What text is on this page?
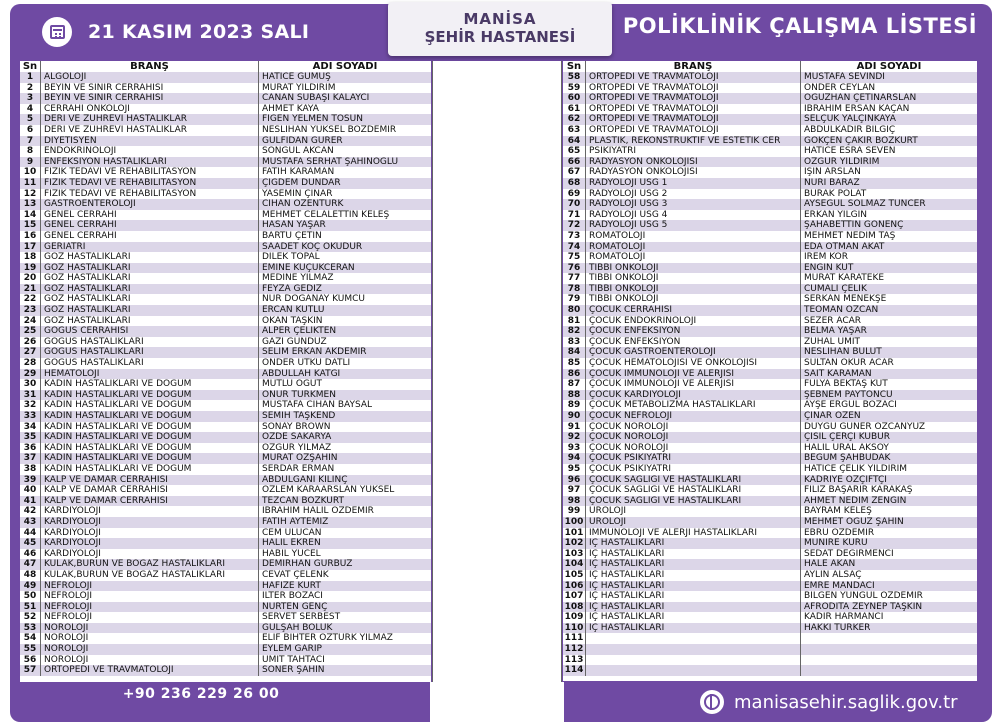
21 KASIM 2023 SALI
MANİSA
ŞEHİR HASTANESİ	POLİKLİNİK ÇALIŞMA LİSTESİ
Sn	BRANŞ	ADI SOYADI
1	ALGOLOJİ	HATİCE GÜMÜŞ
2	BEYİN VE SİNİR CERRAHİSİ	MURAT YILDIRIM
3	BEYİN VE SİNİR CERRAHİSİ	CANAN SUBAŞI KALAYCI
4	CERRAHİ ONKOLOJİ	AHMET KAYA
5	DERİ VE ZÜHREVİ HASTALIKLAR	FİGEN YELMEN TOSUN
6	DERİ VE ZÜHREVİ HASTALIKLAR	NESLİHAN YÜKSEL BOZDEMİR
7	DİYETİSYEN	GÜLFİDAN GÜRER
8	ENDOKRİNOLOJİ	SONGÜL AKCAN
9	ENFEKSİYON HASTALIKLARI	MUSTAFA SERHAT ŞAHİNOĞLU
10 FİZİK TEDAVİ VE REHABİLİTASYON	FATİH KARAMAN
11 FİZİK TEDAVİ VE REHABİLİTASYON	ÇİĞDEM DÜNDAR
12 FİZİK TEDAVİ VE REHABİLİTASYON	YASEMİN ÇINAR
13 GASTROENTEROLOJİ	CİHAN ÖZENTÜRK
14 GENEL CERRAHİ	MEHMET CELALETTİN KELEŞ
15 GENEL CERRAHİ	HASAN YAŞAR
16 GENEL CERRAHİ	BARTU ÇETİN
17 GERİATRİ	SAADET KOÇ OKUDUR
18 GÖZ HASTALIKLARI	DİLEK TOPAL
19 GÖZ HASTALIKLARI	EMİNE KÜÇÜKCERAN
20 GÖZ HASTALIKLARI	MEDİNE YILMAZ
21 GÖZ HASTALIKLARI	FEYZA GEDİZ
22 GÖZ HASTALIKLARI	NUR DOĞANAY KUMCU
23 GÖZ HASTALIKLARI	ERCAN KUTLU
24 GÖZ HASTALIKLARI	OKAN TAŞKIN
25 GÖĞÜS CERRAHİSİ	ALPER ÇELİKTEN
26 GÖĞÜS HASTALIKLARI	GAZİ GÜNDÜZ
27 GÖĞÜS HASTALIKLARI	SELİM ERKAN AKDEMİR
28 GÖĞÜS HASTALIKLARI	ÖNDER UTKU DATLI
29 HEMATOLOJİ	ABDULLAH KATGI
30 KADIN HASTALIKLARI VE DOĞUM	MUTLU ÖĞÜT
31 KADIN HASTALIKLARI VE DOĞUM	ONUR TÜRKMEN
32 KADIN HASTALIKLARI VE DOĞUM	MUSTAFA CİHAN BAYSAL
33 KADIN HASTALIKLARI VE DOĞUM	SEMİH TAŞKEND
34 KADIN HASTALIKLARI VE DOĞUM	SONAY BROWN
35 KADIN HASTALIKLARI VE DOĞUM	ÖZDE SAKARYA
36 KADIN HASTALIKLARI VE DOĞUM	ÖZGÜR YILMAZ
37 KADIN HASTALIKLARI VE DOĞUM	MURAT ÖZŞAHİN
38 KADIN HASTALIKLARI VE DOĞUM	SERDAR ERMAN
39 KALP VE DAMAR CERRAHİSİ	ABDULGANİ KILINÇ
40 KALP VE DAMAR CERRAHİSİ	ÖZLEM KARAARSLAN YÜKSEL
41 KALP VE DAMAR CERRAHİSİ	TEZCAN BOZKURT
42 KARDİYOLOJİ	İBRAHİM HALİL ÖZDEMİR
43 KARDİYOLOJİ	FATİH AYTEMİZ
44 KARDİYOLOJİ	CEM ULUCAN
45 KARDİYOLOJİ	HALİL EKREN
46 KARDİYOLOJİ	HABİL YÜCEL
47 KULAK,BURUN VE BOĞAZ HASTALIKLARI	DEMİRHAN GÜRBÜZ
48 KULAK,BURUN VE BOĞAZ HASTALIKLARI	CEVAT ÇELENK
49 NEFROLOJİ	HAFİZE KURT
50 NEFROLOJİ	İLTER BOZACI
51 NEFROLOJİ	NURTEN GENÇ
52 NEFROLOJİ	SERVET SERBEST
53 NÖROLOJİ	GÜLŞAH BÖLÜK
54 NÖROLOJİ	ELİF BİHTER ÖZTÜRK YILMAZ
55 NÖROLOJİ	EYLEM GARİP
56 NÖROLOJİ	ÜMİT TAHTACI
57 ORTOPEDİ VE TRAVMATOLOJİ	SONER ŞAHİN
Sn	BRANŞ	ADI SOYADI
58 ORTOPEDİ VE TRAVMATOLOJİ	MUSTAFA SEVİNDİ
59 ORTOPEDİ VE TRAVMATOLOJİ	ÖNDER CEYLAN
60 ORTOPEDİ VE TRAVMATOLOJİ	OĞUZHAN ÇETİNARSLAN
61 ORTOPEDİ VE TRAVMATOLOJİ	İBRAHİM ERSAN KAÇAN
62 ORTOPEDİ VE TRAVMATOLOJİ	SELÇUK YALÇINKAYA
63 ORTOPEDİ VE TRAVMATOLOJİ	ABDÜLKADİR BİLGİÇ
64 PLASTİK, REKONSTRÜKTİF VE ESTETİK CER	GÖKÇEN ÇAKIR BOZKURT
65 PSİKİYATRİ	HATİCE ESRA SEVEN
66 RADYASYON ONKOLOJİSİ	ÖZGÜR YILDIRIM
67 RADYASYON ONKOLOJİSİ	IŞIN ARSLAN
68 RADYOLOJİ USG 1	NURİ BARAZ
69 RADYOLOJİ USG 2	BURAK POLAT
70 RADYOLOJİ USG 3	AYSEGÜL SOLMAZ TUNCER
71 RADYOLOJİ USG 4	ERKAN YILGIN
72 RADYOLOJİ USG 5	ŞAHABETTİN GÖNENÇ
73 ROMATOLOJİ	MEHMET NEDİM TAŞ
74 ROMATOLOJİ	EDA OTMAN AKAT
75 ROMATOLOJİ	İREM KOR
76 TIBBİ ONKOLOJİ	ENGİN KUT
77 TIBBİ ONKOLOJİ	MURAT KARATEKE
78 TIBBİ ONKOLOJİ	CUMALİ ÇELİK
79 TIBBİ ONKOLOJİ	SERKAN MENEKŞE
80 ÇOCUK CERRAHİSİ	TEOMAN ÖZCAN
81 ÇOCUK ENDOKRİNOLOJİ	SEZER ACAR
82 ÇOCUK ENFEKSİYON	BELMA YAŞAR
83 ÇOCUK ENFEKSİYON	ZÜHAL ÜMİT
84 ÇOCUK GASTROENTEROLOJİ	NESLİHAN BULUT
85 ÇOCUK HEMATOLOJİSİ VE ONKOLOJİSİ	SULTAN OKUR ACAR
86 ÇOCUK İMMUNOLOJİ VE ALERJİSİ	SAİT KARAMAN
87 ÇOCUK İMMUNOLOJİ VE ALERJİSİ	FULYA BEKTAŞ KUT
88 ÇOCUK KARDİYOLOJİ	ŞEBNEM PAYTONCU
89 ÇOCUK METABOLİZMA HASTALIKLARI	AYŞE ERGÜL BOZACI
90 ÇOCUK NEFROLOJİ	ÇINAR ÖZEN
91 ÇOCUK NÖROLOJİ	DUYGU GÜNER ÖZCANYÜZ
92 ÇOCUK NÖROLOJİ	ÇİSİL ÇERÇİ KUBUR
93 ÇOCUK NÖROLOJİ	HALİL URAL AKSOY
94 ÇOCUK PSİKİYATRİ	BEGÜM ŞAHBUDAK
95 ÇOCUK PSİKİYATRİ	HATİCE ÇELİK YILDIRIM
96 ÇOCUK SAĞLIĞI VE HASTALIKLARI	KADRİYE ÖZÇİFTÇİ
97 ÇOCUK SAĞLIĞI VE HASTALIKLARI	FİLİZ BAŞARIR KARAKAŞ
98 ÇOCUK SAĞLIĞI VE HASTALIKLARI	AHMET NEDİM ZENGİN
99 ÜROLOJİ	BAYRAM KELEŞ
100 ÜROLOJİ	MEHMET OĞUZ ŞAHİN
101 İMMÜNOLOJİ VE ALERJİ HASTALIKLARI	EBRU ÖZDEMİR
102 İÇ HASTALIKLARI	MÜNİRE KURU
103 İÇ HASTALIKLARI	SEDAT DEĞİRMENCİ
104 İÇ HASTALIKLARI	HALE AKAN
105 İÇ HASTALIKLARI	AYLİN ALSAÇ
106 İÇ HASTALIKLARI	EMRE MANDACI
107 İÇ HASTALIKLARI	BİLGEN YÜNGÜL ÖZDEMİR
108 İÇ HASTALIKLARI	AFRODİTA ZEYNEP TAŞKIN
109 İÇ HASTALIKLARI	KADİR HARMANCI
110 İÇ HASTALIKLARI	HAKKI TÜRKER
111
112
113
114
+90 236 229 26 00	manisasehir.saglik.gov.tr
